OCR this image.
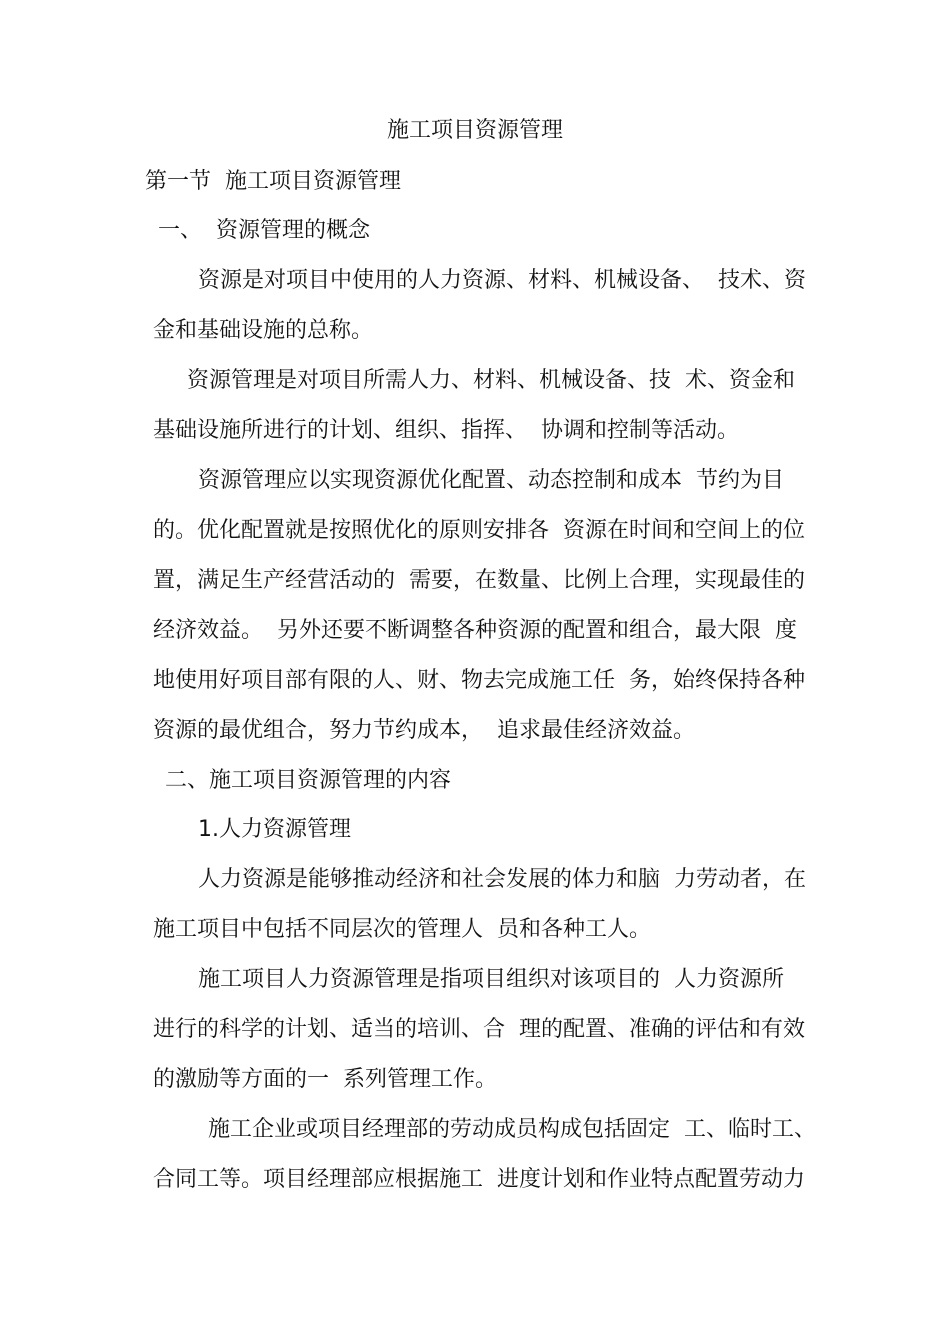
施工项目资源管理
第一节  施工项目资源管理
一、  资源管理的概念
资源是对项目中使用的人力资源、材料、机械设备、  技术、资
金和基础设施的总称。
资源管理是对项目所需人力、材料、机械设备、技  术、资金和
基础设施所进行的计划、组织、指挥、  协调和控制等活动。
资源管理应以实现资源优化配置、动态控制和成本  节约为目
的。优化配置就是按照优化的原则安排各  资源在时间和空间上的位
置，满足生产经营活动的  需要，在数量、比例上合理，实现最佳的
经济效益。  另外还要不断调整各种资源的配置和组合，最大限  度
地使用好项目部有限的人、财、物去完成施工任  务，始终保持各种
资源的最优组合，努力节约成本，  追求最佳经济效益。
二、施工项目资源管理的内容
1.人力资源管理
人力资源是能够推动经济和社会发展的体力和脑  力劳动者，在
施工项目中包括不同层次的管理人  员和各种工人。
施工项目人力资源管理是指项目组织对该项目的  人力资源所
进行的科学的计划、适当的培训、合  理的配置、准确的评估和有效
的激励等方面的一  系列管理工作。
施工企业或项目经理部的劳动成员构成包括固定  工、临时工、
合同工等。项目经理部应根据施工  进度计划和作业特点配置劳动力
